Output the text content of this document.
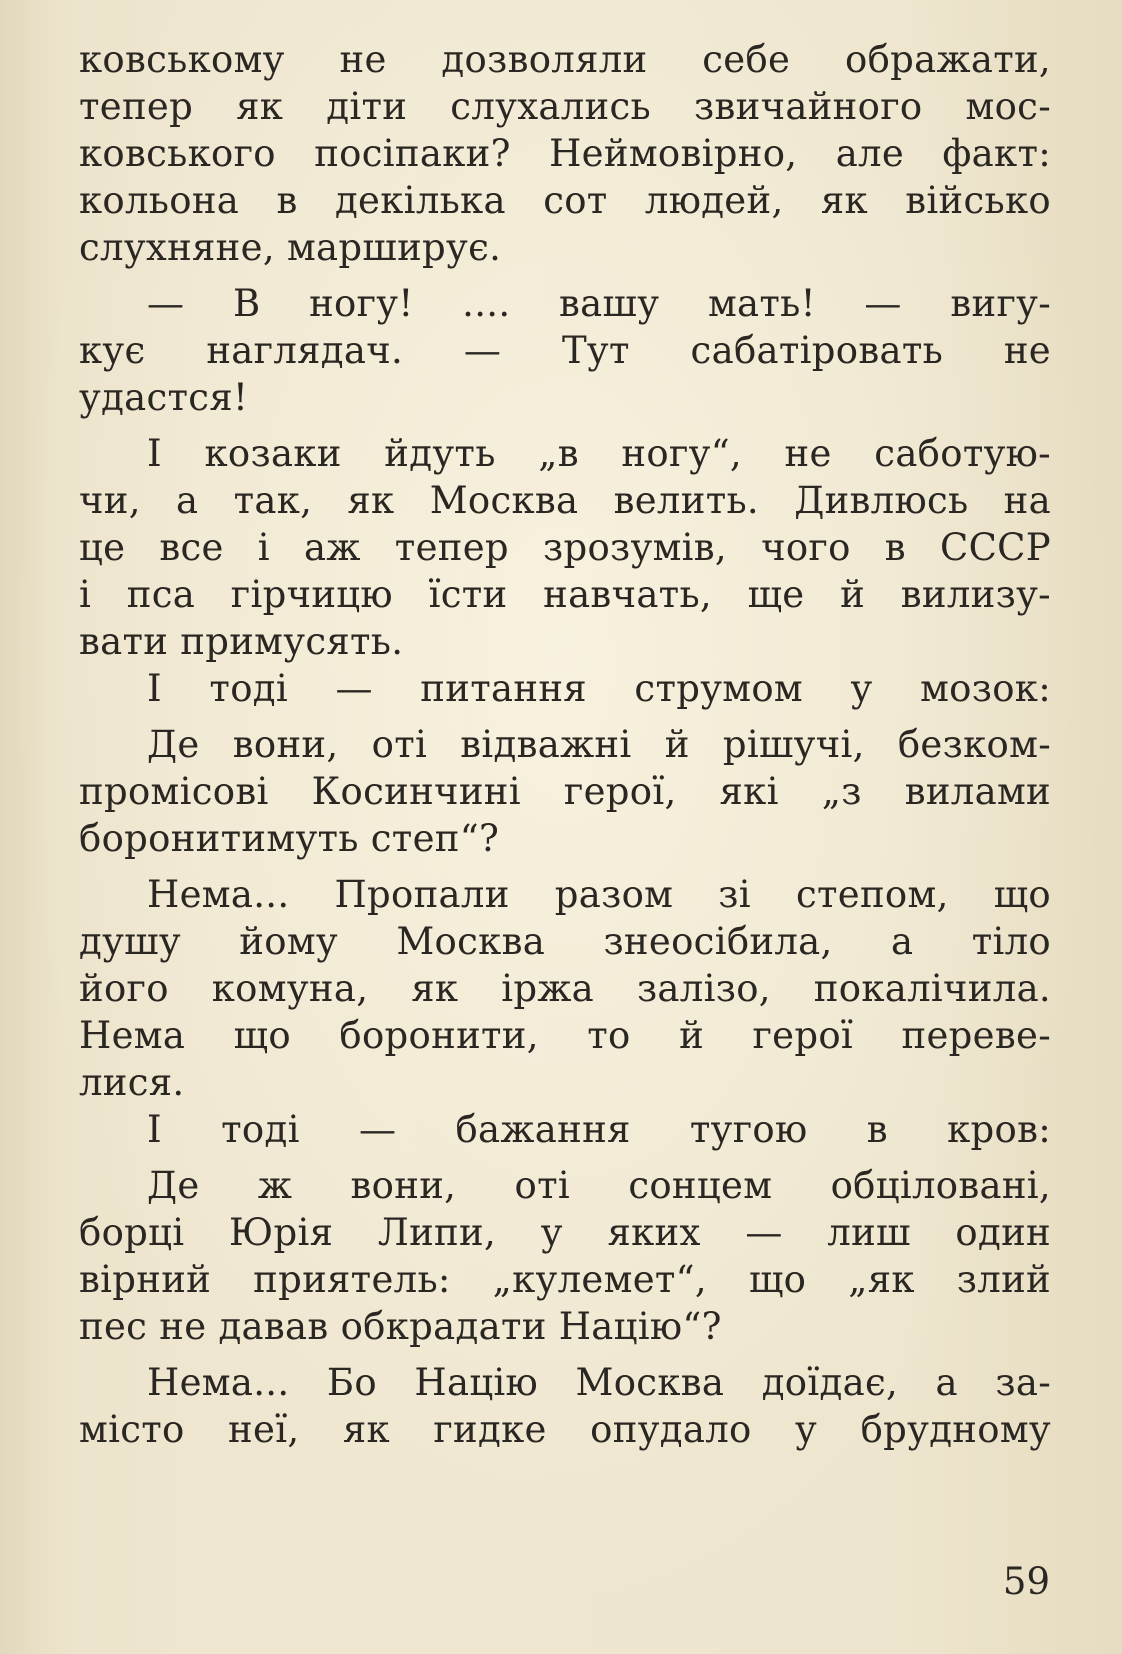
ковському не дозволяли себе ображати,
тепер як діти слухались звичайного мос-
ковського посіпаки? Неймовірно, але факт:
кольона в декілька сот людей, як військо
слухняне, марширує.
— В ногу! .... вашу мать! — вигу-
кує наглядач. — Тут сабатіровать не
удастся!
І козаки йдуть „в ногу“, не саботую-
чи, а так, як Москва велить. Дивлюсь на
це все і аж тепер зрозумів, чого в СССР
і пса гірчицю їсти навчать, ще й вилизу-
вати примусять.
І тоді — питання струмом у мозок:
Де вони, оті відважні й рішучі, безком-
промісові Косинчині герої, які „з вилами
боронитимуть степ“?
Нема... Пропали разом зі степом, що
душу йому Москва знеосібила, а тіло
його комуна, як іржа залізо, покалічила.
Нема що боронити, то й герої переве-
лися.
І тоді — бажання тугою в кров:
Де ж вони, оті сонцем обціловані,
борці Юрія Липи, у яких — лиш один
вірний приятель: „кулемет“, що „як злий
пес не давав обкрадати Націю“?
Нема... Бо Націю Москва доїдає, а за-
місто неї, як гидке опудало у брудному
59
